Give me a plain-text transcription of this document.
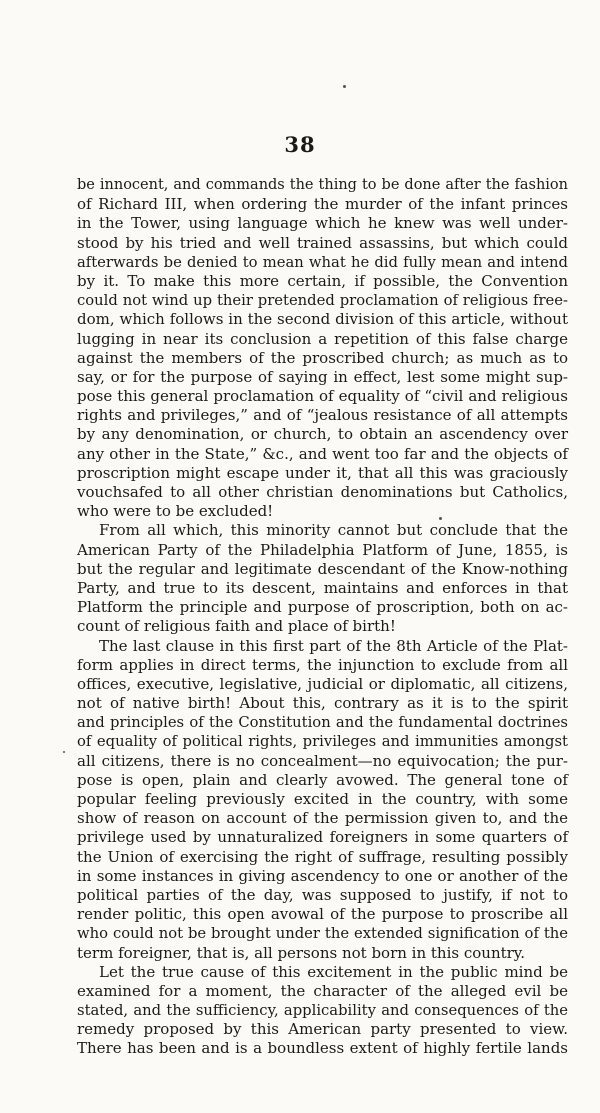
38
be innocent, and commands the thing to be done after the fashion
of Richard III, when ordering the murder of the infant princes
in the Tower, using language which he knew was well under-
stood by his tried and well trained assassins, but which could
afterwards be denied to mean what he did fully mean and intend
by it. To make this more certain, if possible, the Convention
could not wind up their pretended proclamation of religious free-
dom, which follows in the second division of this article, without
lugging in near its conclusion a repetition of this false charge
against the members of the proscribed church; as much as to
say, or for the purpose of saying in effect, lest some might sup-
pose this general proclamation of equality of “civil and religious
rights and privileges,” and of “jealous resistance of all attempts
by any denomination, or church, to obtain an ascendency over
any other in the State,” &c., and went too far and the objects of
proscription might escape under it, that all this was graciously
vouchsafed to all other christian denominations but Catholics,
who were to be excluded!
From all which, this minority cannot but conclude that the
American Party of the Philadelphia Platform of June, 1855, is
but the regular and legitimate descendant of the Know-nothing
Party, and true to its descent, maintains and enforces in that
Platform the principle and purpose of proscription, both on ac-
count of religious faith and place of birth!
The last clause in this first part of the 8th Article of the Plat-
form applies in direct terms, the injunction to exclude from all
offices, executive, legislative, judicial or diplomatic, all citizens,
not of native birth! About this, contrary as it is to the spirit
and principles of the Constitution and the fundamental doctrines
of equality of political rights, privileges and immunities amongst
all citizens, there is no concealment—no equivocation; the pur-
pose is open, plain and clearly avowed. The general tone of
popular feeling previously excited in the country, with some
show of reason on account of the permission given to, and the
privilege used by unnaturalized foreigners in some quarters of
the Union of exercising the right of suffrage, resulting possibly
in some instances in giving ascendency to one or another of the
political parties of the day, was supposed to justify, if not to
render politic, this open avowal of the purpose to proscribe all
who could not be brought under the extended signification of the
term foreigner, that is, all persons not born in this country.
Let the true cause of this excitement in the public mind be
examined for a moment, the character of the alleged evil be
stated, and the sufficiency, applicability and consequences of the
remedy proposed by this American party presented to view.
There has been and is a boundless extent of highly fertile lands
